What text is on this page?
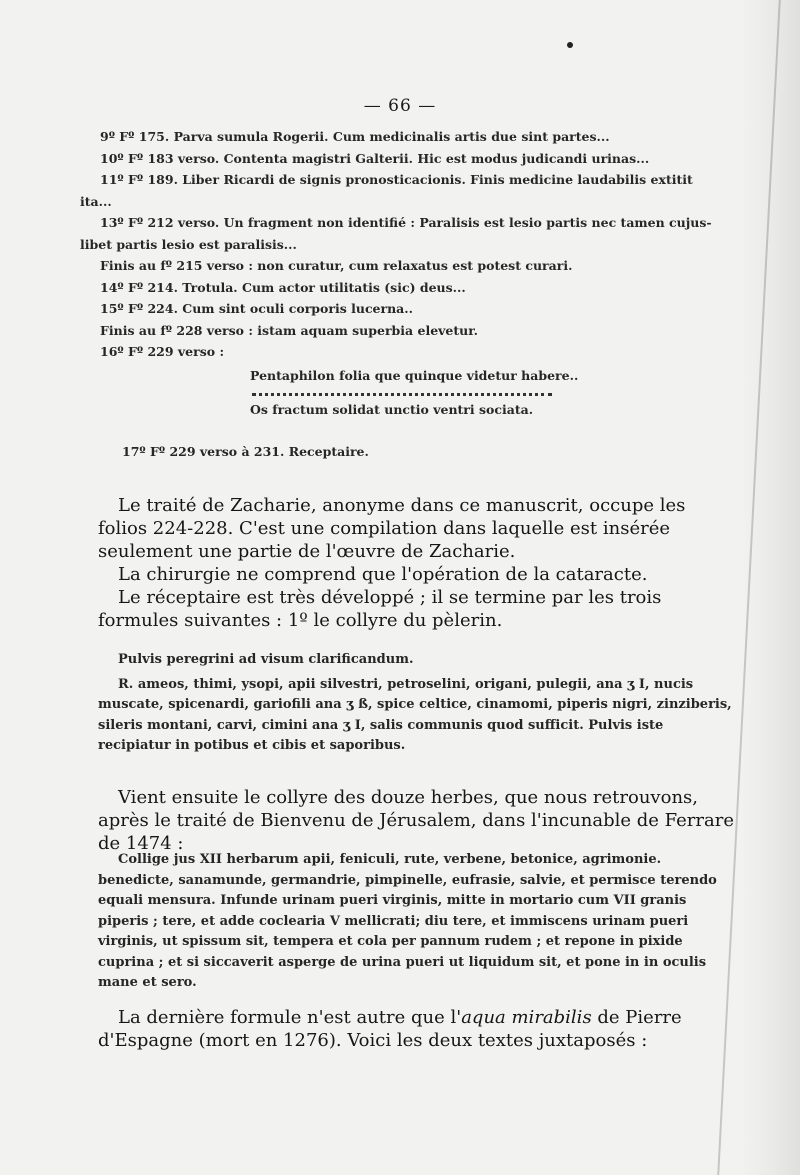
— 66 —
9º Fº 175. Parva sumula Rogerii. Cum medicinalis artis due sint partes...
10º Fº 183 verso. Contenta magistri Galterii. Hic est modus judicandi urinas...
11º Fº 189. Liber Ricardi de signis pronosticacionis. Finis medicine laudabilis extitit
ita...
13º Fº 212 verso. Un fragment non identifié : Paralisis est lesio partis nec tamen cujus-
libet partis lesio est paralisis...
Finis au fº 215 verso : non curatur, cum relaxatus est potest curari.
14º Fº 214. Trotula. Cum actor utilitatis (sic) deus...
15º Fº 224. Cum sint oculi corporis lucerna..
Finis au fº 228 verso : istam aquam superbia elevetur.
16º Fº 229 verso :
Pentaphilon folia que quinque videtur habere..
Os fractum solidat unctio ventri sociata.
17º Fº 229 verso à 231. Receptaire.

Le traité de Zacharie, anonyme dans ce manuscrit, occupe les folios 224-228. C'est une compilation dans laquelle est insérée seulement une partie de l'œuvre de Zacharie.

La chirurgie ne comprend que l'opération de la cataracte.

Le réceptaire est très développé ; il se termine par les trois formules suivantes : 1º le collyre du pèlerin.

Pulvis peregrini ad visum clarificandum.

R. ameos, thimi, ysopi, apii silvestri, petroselini, origani, pulegii, ana ʒ I, nucis muscate, spicenardi, gariofili ana ʒ ß, spice celtice, cinamomi, piperis nigri, zinziberis, sileris montani, carvi, cimini ana ʒ I, salis communis quod sufficit. Pulvis iste recipiatur in potibus et cibis et saporibus.

Vient ensuite le collyre des douze herbes, que nous retrouvons, après le traité de Bienvenu de Jérusalem, dans l'incunable de Ferrare de 1474 :

Collige jus XII herbarum apii, feniculi, rute, verbene, betonice, agrimonie. benedicte, sanamunde, germandrie, pimpinelle, eufrasie, salvie, et permisce terendo equali mensura. Infunde urinam pueri virginis, mitte in mortario cum VII granis piperis ; tere, et adde coclearia V mellicrati; diu tere, et immiscens urinam pueri virginis, ut spissum sit, tempera et cola per pannum rudem ; et repone in pixide cuprina ; et si siccaverit asperge de urina pueri ut liquidum sit, et pone in in oculis mane et sero.

La dernière formule n'est autre que l'aqua mirabilis de Pierre d'Espagne (mort en 1276). Voici les deux textes juxtaposés :
